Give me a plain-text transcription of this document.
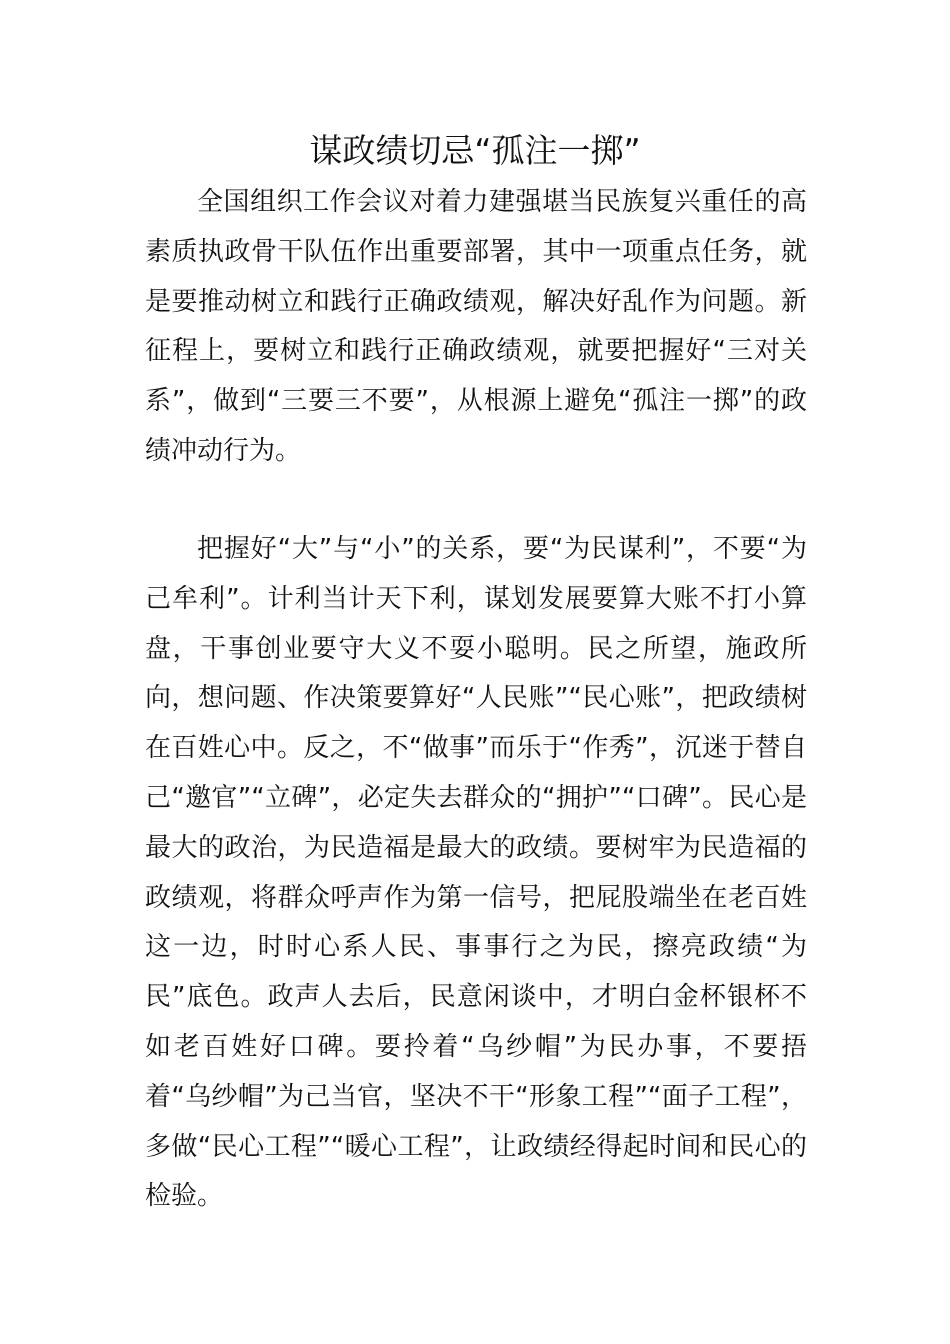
谋政绩切忌“孤注一掷”

全国组织工作会议对着力建强堪当民族复兴重任的高素质执政骨干队伍作出重要部署，其中一项重点任务，就是要推动树立和践行正确政绩观，解决好乱作为问题。新征程上，要树立和践行正确政绩观，就要把握好“三对关系”，做到“三要三不要”，从根源上避免“孤注一掷”的政绩冲动行为。

把握好“大”与“小”的关系，要“为民谋利”，不要“为己牟利”。计利当计天下利，谋划发展要算大账不打小算盘，干事创业要守大义不耍小聪明。民之所望，施政所向，想问题、作决策要算好“人民账”“民心账”，把政绩树在百姓心中。反之，不“做事”而乐于“作秀”，沉迷于替自己“邀官”“立碑”，必定失去群众的“拥护”“口碑”。民心是最大的政治，为民造福是最大的政绩。要树牢为民造福的政绩观，将群众呼声作为第一信号，把屁股端坐在老百姓这一边，时时心系人民、事事行之为民，擦亮政绩“为民”底色。政声人去后，民意闲谈中，才明白金杯银杯不如老百姓好口碑。要拎着“乌纱帽”为民办事，不要捂着“乌纱帽”为己当官，坚决不干“形象工程”“面子工程”，多做“民心工程”“暖心工程”，让政绩经得起时间和民心的检验。
